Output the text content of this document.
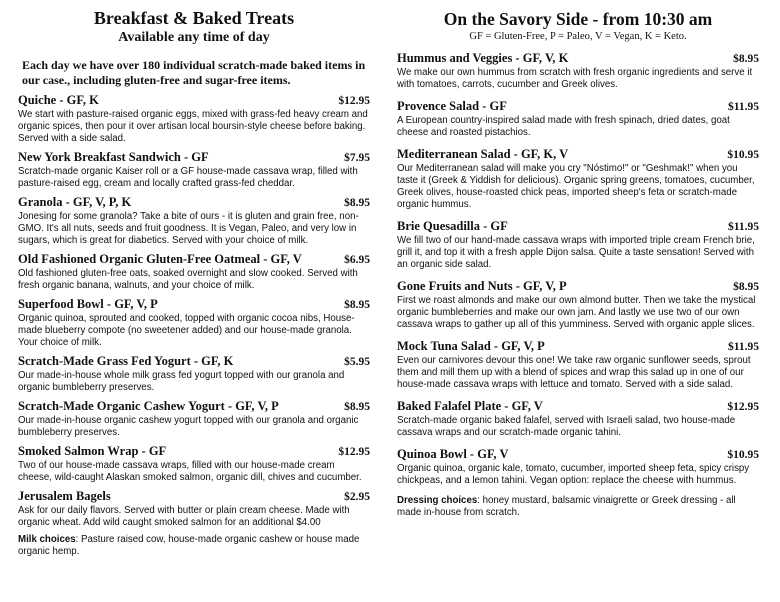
Breakfast & Baked Treats
Available any time of day
Each day we have over 180 individual scratch-made baked items in our case., including gluten-free and sugar-free items.
Quiche - GF, K	$12.95
We start with pasture-raised organic eggs, mixed with grass-fed heavy cream and organic spices, then pour it over artisan local boursin-style cheese before baking. Served with a side salad.
New York Breakfast Sandwich - GF	$7.95
Scratch-made organic Kaiser roll or a GF house-made cassava wrap, filled with pasture-raised egg, cream and locally crafted grass-fed cheddar.
Granola - GF, V, P, K	$8.95
Jonesing for some granola? Take a bite of ours - it is gluten and grain free, non-GMO. It's all nuts, seeds and fruit goodness. It is Vegan, Paleo, and very low in sugars, which is great for diabetics. Served with your choice of milk.
Old Fashioned Organic Gluten-Free Oatmeal - GF, V	$6.95
Old fashioned gluten-free oats, soaked overnight and slow cooked. Served with fresh organic banana, walnuts, and your choice of milk.
Superfood Bowl - GF, V, P	$8.95
Organic quinoa, sprouted and cooked, topped with organic cocoa nibs, House-made blueberry compote (no sweetener added) and our house-made granola. Your choice of milk.
Scratch-Made Grass Fed Yogurt - GF, K	$5.95
Our made-in-house whole milk grass fed yogurt topped with our granola and organic bumbleberry preserves.
Scratch-Made Organic Cashew Yogurt - GF, V, P	$8.95
Our made-in-house organic cashew yogurt topped with our granola and organic bumbleberry preserves.
Smoked Salmon Wrap - GF	$12.95
Two of our house-made cassava wraps, filled with our house-made cream cheese, wild-caught Alaskan smoked salmon, organic dill, chives and cucumber.
Jerusalem Bagels	$2.95
Ask for our daily flavors. Served with butter or plain cream cheese. Made with organic wheat. Add wild caught smoked salmon for an additional $4.00
Milk choices: Pasture raised cow, house-made organic cashew or house made organic hemp.
On the Savory Side - from 10:30 am
GF = Gluten-Free, P = Paleo, V = Vegan, K = Keto.
Hummus and Veggies - GF, V, K	$8.95
We make our own hummus from scratch with fresh organic ingredients and serve it with tomatoes, carrots, cucumber and Greek olives.
Provence Salad - GF	$11.95
A European country-inspired salad made with fresh spinach, dried dates, goat cheese and roasted pistachios.
Mediterranean Salad - GF, K, V	$10.95
Our Mediterranean salad will make you cry "Nóstimo!" or "Geshmak!" when you taste it (Greek & Yiddish for delicious). Organic spring greens, tomatoes, cucumber, Greek olives, house-roasted chick peas, imported sheep's feta or scratch-made organic hummus.
Brie Quesadilla - GF	$11.95
We fill two of our hand-made cassava wraps with imported triple cream French brie, grill it, and top it with a fresh apple Dijon salsa. Quite a taste sensation! Served with an organic side salad.
Gone Fruits and Nuts - GF, V, P	$8.95
First we roast almonds and make our own almond butter. Then we take the mystical organic bumbleberries and make our own jam. And lastly we use two of our own cassava wraps to gather up all of this yumminess. Served with organic apple slices.
Mock Tuna Salad - GF, V, P	$11.95
Even our carnivores devour this one! We take raw organic sunflower seeds, sprout them and mill them up with a blend of spices and wrap this salad up in one of our house-made cassava wraps with lettuce and tomato. Served with a side salad.
Baked Falafel Plate - GF, V	$12.95
Scratch-made organic baked falafel, served with Israeli salad, two house-made cassava wraps and our scratch-made organic tahini.
Quinoa Bowl - GF, V	$10.95
Organic quinoa, organic kale, tomato, cucumber, imported sheep feta, spicy crispy chickpeas, and a lemon tahini. Vegan option: replace the cheese with hummus.
Dressing choices: honey mustard, balsamic vinaigrette or Greek dressing - all made in-house from scratch.
